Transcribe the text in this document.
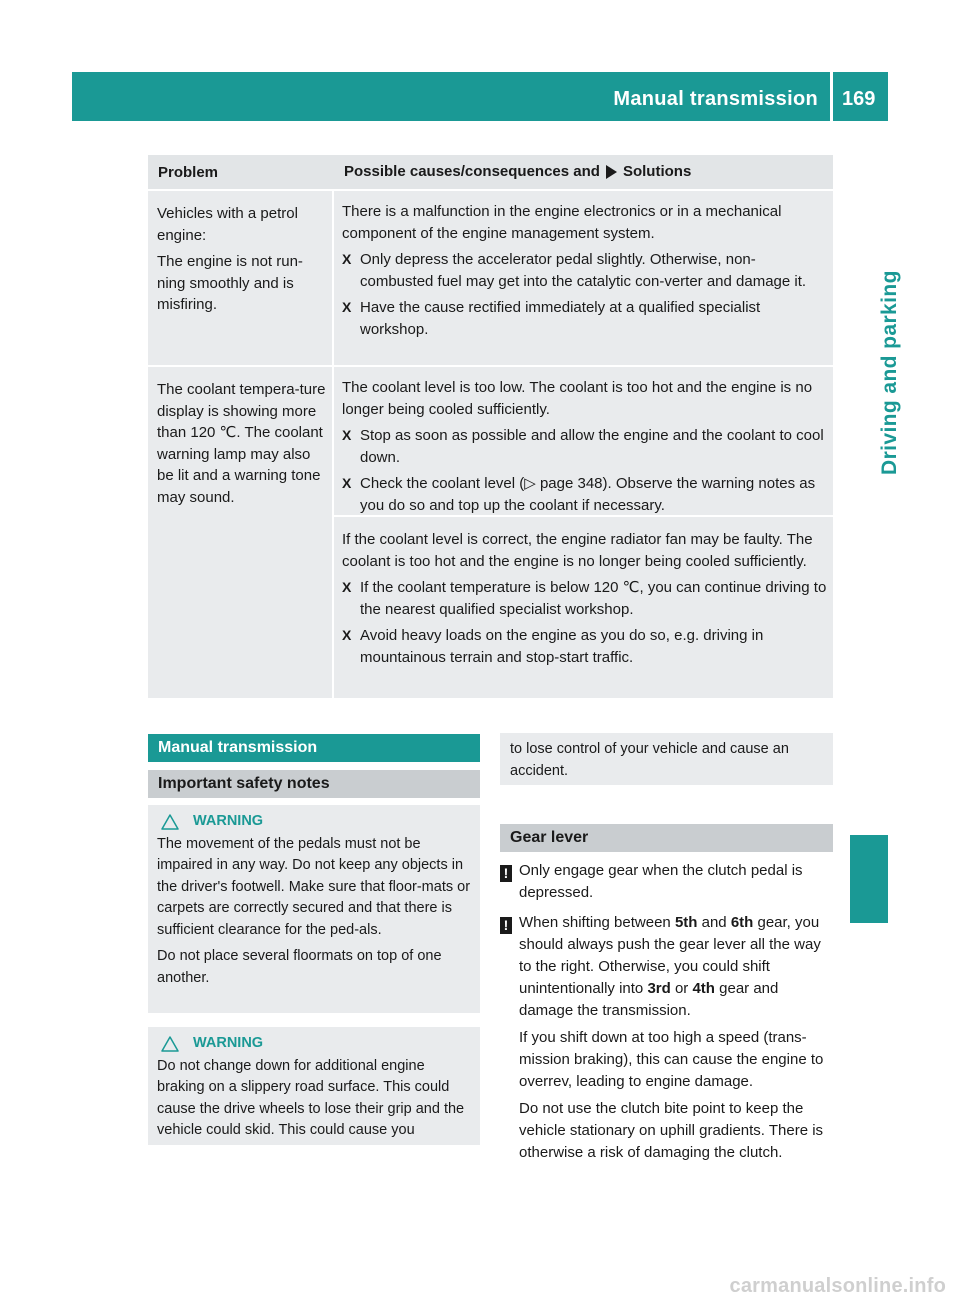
Manual transmission 169
Driving and parking
Problem	Possible causes/consequences and Solutions

Vehicles with a petrol engine:

The engine is not run-ning smoothly and is misfiring.

There is a malfunction in the engine electronics or in a mechanical component of the engine management system.

X Only depress the accelerator pedal slightly. Otherwise, non-combusted fuel may get into the catalytic con-verter and damage it.
X Have the cause rectified immediately at a qualified specialist workshop.

The coolant tempera-ture display is showing more than 120 ℃. The coolant warning lamp may also be lit and a warning tone may sound.

The coolant level is too low. The coolant is too hot and the engine is no longer being cooled sufficiently.

X Stop as soon as possible and allow the engine and the coolant to cool down.
X Check the coolant level (▷ page 348). Observe the warning notes as you do so and top up the coolant if necessary.

If the coolant level is correct, the engine radiator fan may be faulty. The coolant is too hot and the engine is no longer being cooled sufficiently.

X If the coolant temperature is below 120 ℃, you can continue driving to the nearest qualified specialist workshop.
X Avoid heavy loads on the engine as you do so, e.g. driving in mountainous terrain and stop-start traffic.
Manual transmission
Important safety notes
WARNING

The movement of the pedals must not be impaired in any way. Do not keep any objects in the driver's footwell. Make sure that floor-mats or carpets are correctly secured and that there is sufficient clearance for the ped-als.

Do not place several floormats on top of one another.

WARNING

Do not change down for additional engine braking on a slippery road surface. This could cause the drive wheels to lose their grip and the vehicle could skid. This could cause you

to lose control of your vehicle and cause an accident.

Gear lever
! Only engage gear when the clutch pedal is depressed.

! When shifting between 5th and 6th gear, you should always push the gear lever all the way to the right. Otherwise, you could shift unintentionally into 3rd or 4th gear and damage the transmission.

If you shift down at too high a speed (trans-mission braking), this can cause the engine to overrev, leading to engine damage.

Do not use the clutch bite point to keep the vehicle stationary on uphill gradients. There is otherwise a risk of damaging the clutch.

carmanualsonline.info
